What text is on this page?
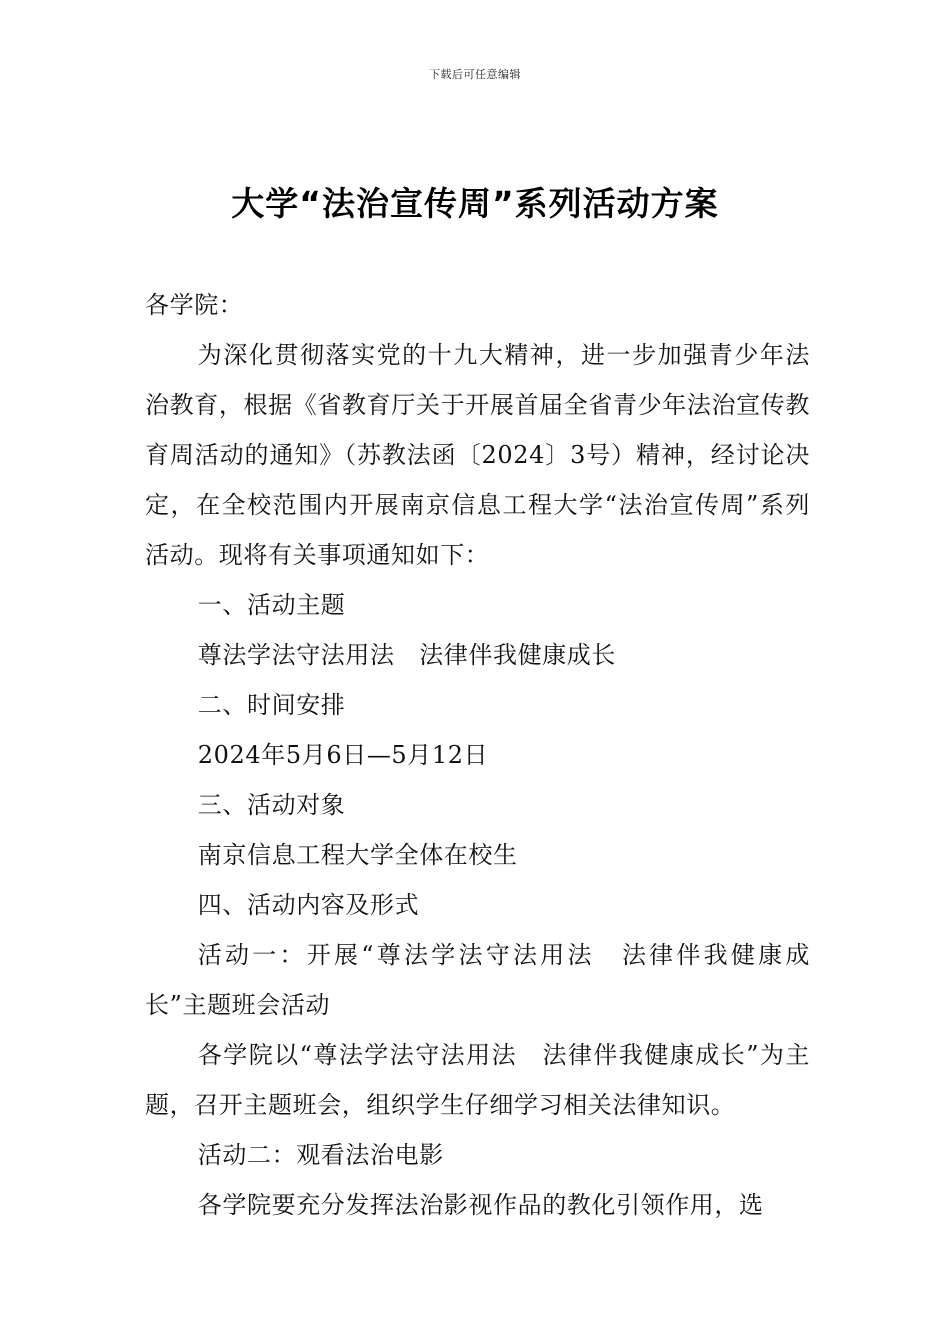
下载后可任意编辑
大学“法治宣传周”系列活动方案

各学院：

为深化贯彻落实党的十九大精神，进一步加强青少年法治教育，根据《省教育厅关于开展首届全省青少年法治宣传教育周活动的通知》（苏教法函〔2024〕3号）精神，经讨论决定，在全校范围内开展南京信息工程大学“法治宣传周”系列活动。现将有关事项通知如下：

一、活动主题

尊法学法守法用法　法律伴我健康成长

二、时间安排

2024年5月6日—5月12日

三、活动对象

南京信息工程大学全体在校生

四、活动内容及形式

活动一：开展“尊法学法守法用法　法律伴我健康成长”主题班会活动

各学院以“尊法学法守法用法　法律伴我健康成长”为主题，召开主题班会，组织学生仔细学习相关法律知识。

活动二：观看法治电影

各学院要充分发挥法治影视作品的教化引领作用，选
